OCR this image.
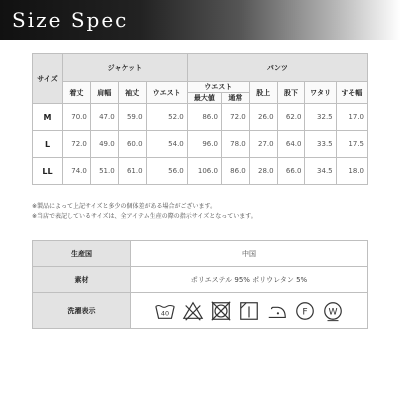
Size Spec
サイズ	ジャケット				パンツ					
	着丈	肩幅	袖丈	ウエスト	ウエスト		股上	股下	ワタリ	すそ幅
					最大値	通常				
M	70.0	47.0	59.0	52.0	86.0	72.0	26.0	62.0	32.5	17.0
L	72.0	49.0	60.0	54.0	96.0	78.0	27.0	64.0	33.5	17.5
LL	74.0	51.0	61.0	56.0	106.0	86.0	28.0	66.0	34.5	18.0
※製品によって上記サイズと多少の個体差がある場合がございます。
※当店で表記しているサイズは、全アイテム生産の際の指示サイズとなっています。
生産国	中国
素材	ポリエステル 95% ポリウレタン 5%
洗濯表示	40 F W
